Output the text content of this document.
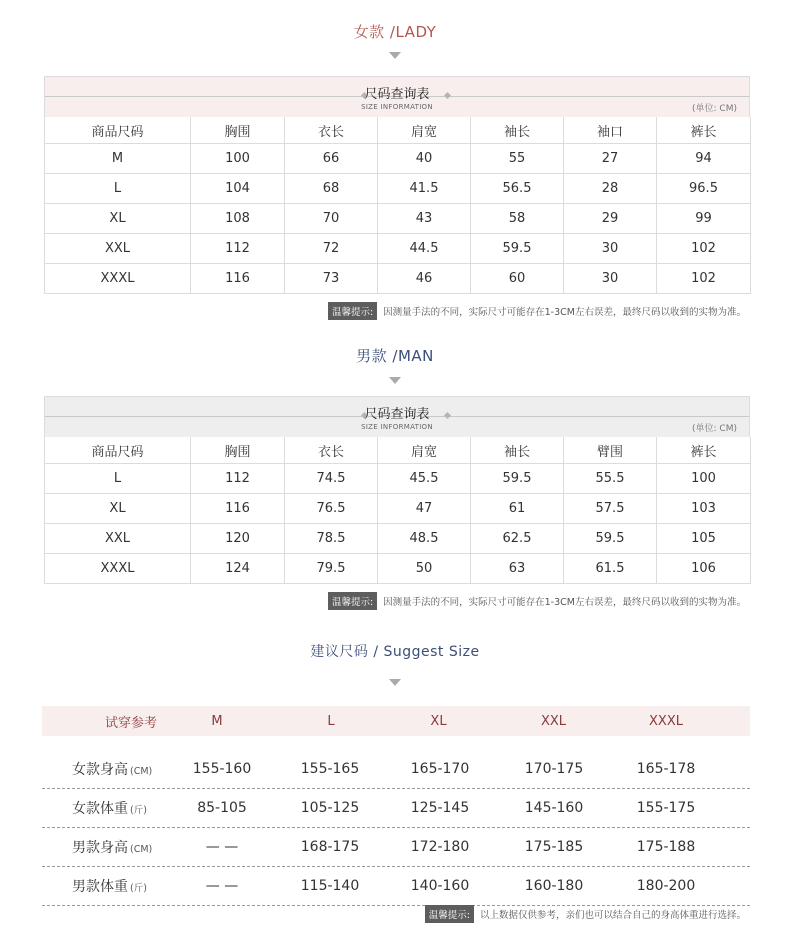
女款 /LADY
尺码查询表
SIZE INFORMATION	(单位: CM)
商品尺码	胸围	衣长	肩宽	袖长	袖口	裤长
M	100	66	40	55	27	94
L	104	68	41.5	56.5	28	96.5
XL	108	70	43	58	29	99
XXL	112	72	44.5	59.5	30	102
XXXL	116	73	46	60	30	102
温馨提示: 因测量手法的不同，实际尺寸可能存在1-3CM左右误差，最终尺码以收到的实物为准。
男款 /MAN
尺码查询表
SIZE INFORMATION	(单位: CM)
商品尺码	胸围	衣长	肩宽	袖长	臂围	裤长
L	112	74.5	45.5	59.5	55.5	100
XL	116	76.5	47	61	57.5	103
XXL	120	78.5	48.5	62.5	59.5	105
XXXL	124	79.5	50	63	61.5	106
温馨提示: 因测量手法的不同，实际尺寸可能存在1-3CM左右误差，最终尺码以收到的实物为准。
建议尺码 / Suggest Size
试穿参考	M	L	XL	XXL	XXXL
女款身高 (CM)	155-160	155-165	165-170	170-175	165-178
女款体重 (斤)	85-105	105-125	125-145	145-160	155-175
男款身高 (CM)	— —	168-175	172-180	175-185	175-188
男款体重 (斤)	— —	115-140	140-160	160-180	180-200
温馨提示: 以上数据仅供参考，亲们也可以结合自己的身高体重进行选择。
